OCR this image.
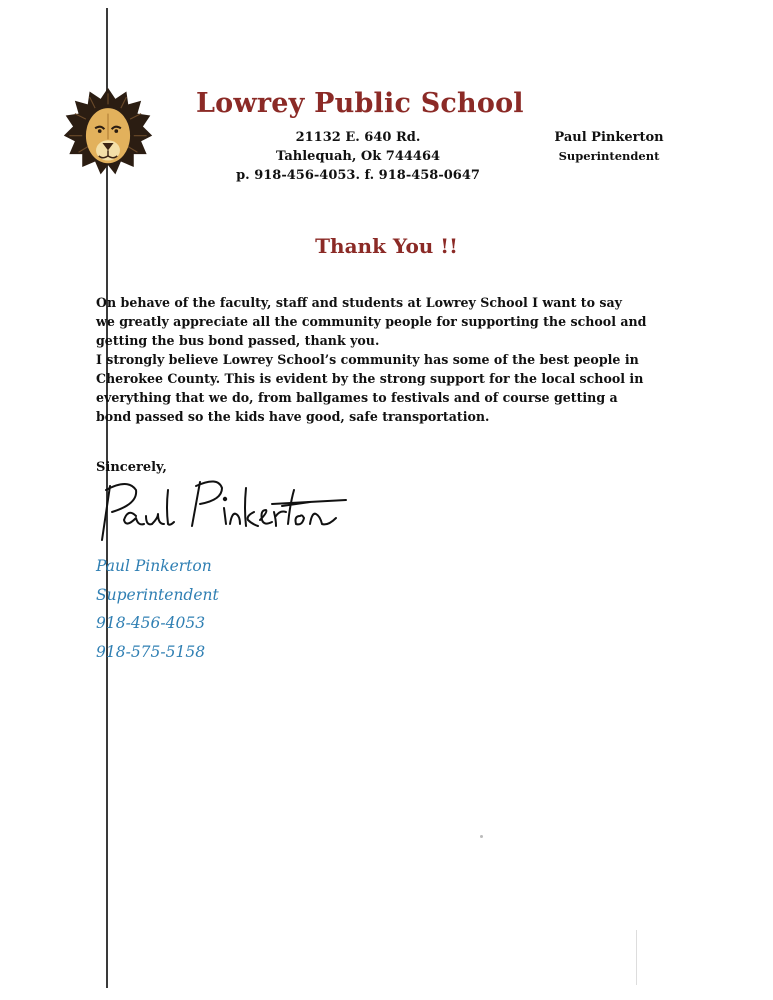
Lowrey Public School
21132 E. 640 Rd.
Tahlequah, Ok 744464
p. 918-456-4053. f. 918-458-0647
Paul Pinkerton
Superintendent
Thank You !!

On behave of the faculty, staff and students at Lowrey School I want to say

we greatly appreciate all the community people for supporting the school and

getting the bus bond passed, thank you.

I strongly believe Lowrey School’s community has some of the best people in

Cherokee County. This is evident by the strong support for the local school in

everything that we do, from ballgames to festivals and of course getting a

bond passed so the kids have good, safe transportation.

Sincerely,
Paul Pinkerton
Superintendent
918-456-4053
918-575-5158
